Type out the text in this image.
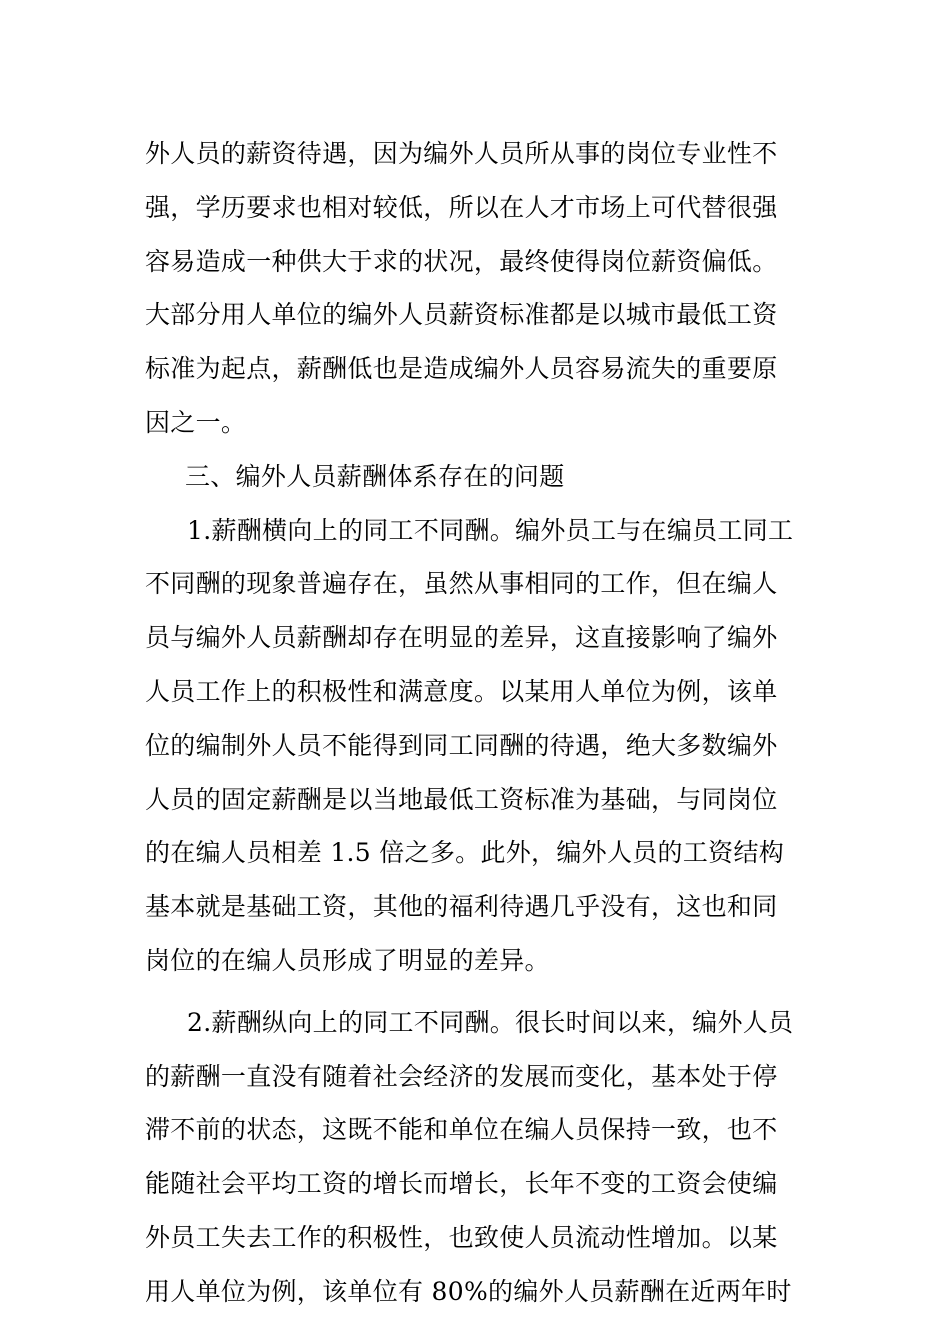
外人员的薪资待遇，因为编外人员所从事的岗位专业性不
强，学历要求也相对较低，所以在人才市场上可代替很强
容易造成一种供大于求的状况，最终使得岗位薪资偏低。
大部分用人单位的编外人员薪资标准都是以城市最低工资
标准为起点，薪酬低也是造成编外人员容易流失的重要原
因之一。
三、编外人员薪酬体系存在的问题
1.薪酬横向上的同工不同酬。编外员工与在编员工同工
不同酬的现象普遍存在，虽然从事相同的工作，但在编人
员与编外人员薪酬却存在明显的差异，这直接影响了编外
人员工作上的积极性和满意度。以某用人单位为例，该单
位的编制外人员不能得到同工同酬的待遇，绝大多数编外
人员的固定薪酬是以当地最低工资标准为基础，与同岗位
的在编人员相差 1.5 倍之多。此外，编外人员的工资结构
基本就是基础工资，其他的福利待遇几乎没有，这也和同
岗位的在编人员形成了明显的差异。
2.薪酬纵向上的同工不同酬。很长时间以来，编外人员
的薪酬一直没有随着社会经济的发展而变化，基本处于停
滞不前的状态，这既不能和单位在编人员保持一致，也不
能随社会平均工资的增长而增长，长年不变的工资会使编
外员工失去工作的积极性，也致使人员流动性增加。以某
用人单位为例，该单位有 80%的编外人员薪酬在近两年时
